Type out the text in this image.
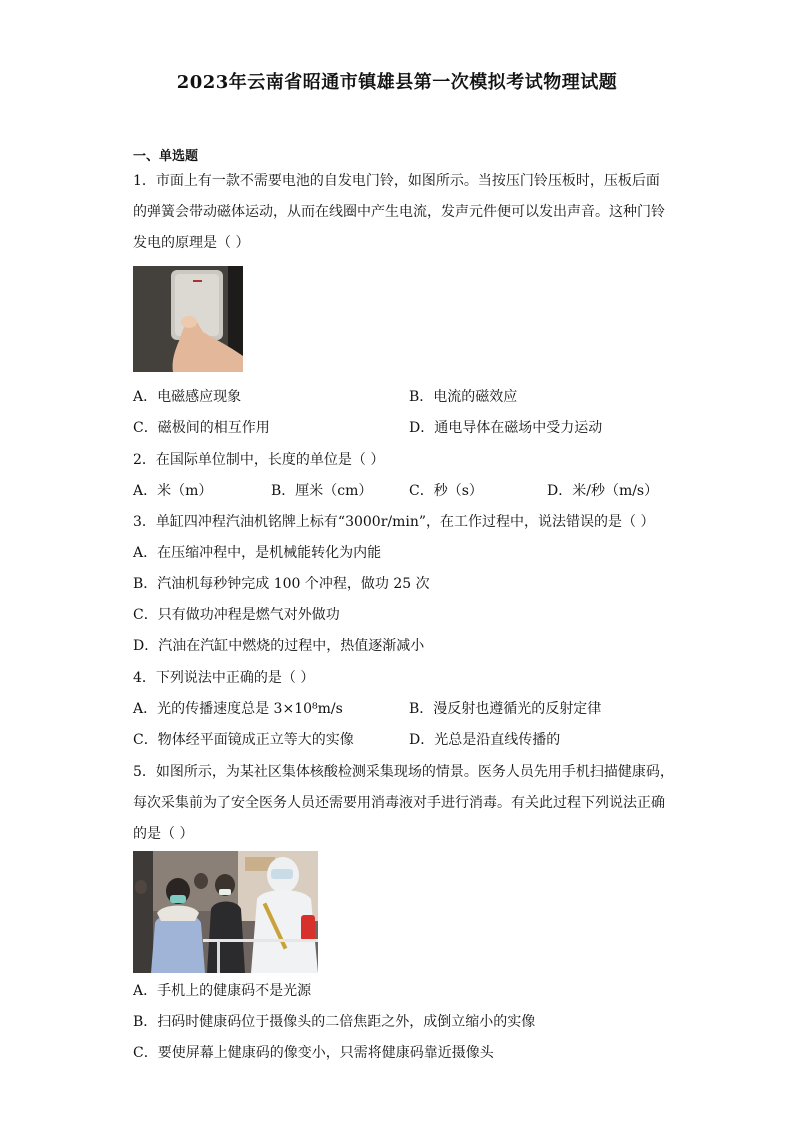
2023年云南省昭通市镇雄县第一次模拟考试物理试题
一、单选题
1．市面上有一款不需要电池的自发电门铃，如图所示。当按压门铃压板时，压板后面
的弹簧会带动磁体运动，从而在线圈中产生电流，发声元件便可以发出声音。这种门铃
发电的原理是（ ）
A．电磁感应现象	B．电流的磁效应
C．磁极间的相互作用	D．通电导体在磁场中受力运动
2．在国际单位制中，长度的单位是（ ）
A．米（m）	B．厘米（cm）	C．秒（s）	D．米/秒（m/s）
3．单缸四冲程汽油机铭牌上标有“3000r/min”，在工作过程中，说法错误的是（ ）
A．在压缩冲程中，是机械能转化为内能
B．汽油机每秒钟完成 100 个冲程，做功 25 次
C．只有做功冲程是燃气对外做功
D．汽油在汽缸中燃烧的过程中，热值逐渐减小
4．下列说法中正确的是（ ）
A．光的传播速度总是 3×10⁸m/s	B．漫反射也遵循光的反射定律
C．物体经平面镜成正立等大的实像	D．光总是沿直线传播的
5．如图所示，为某社区集体核酸检测采集现场的情景。医务人员先用手机扫描健康码，
每次采集前为了安全医务人员还需要用消毒液对手进行消毒。有关此过程下列说法正确
的是（ ）
A．手机上的健康码不是光源
B．扫码时健康码位于摄像头的二倍焦距之外，成倒立缩小的实像
C．要使屏幕上健康码的像变小，只需将健康码靠近摄像头
